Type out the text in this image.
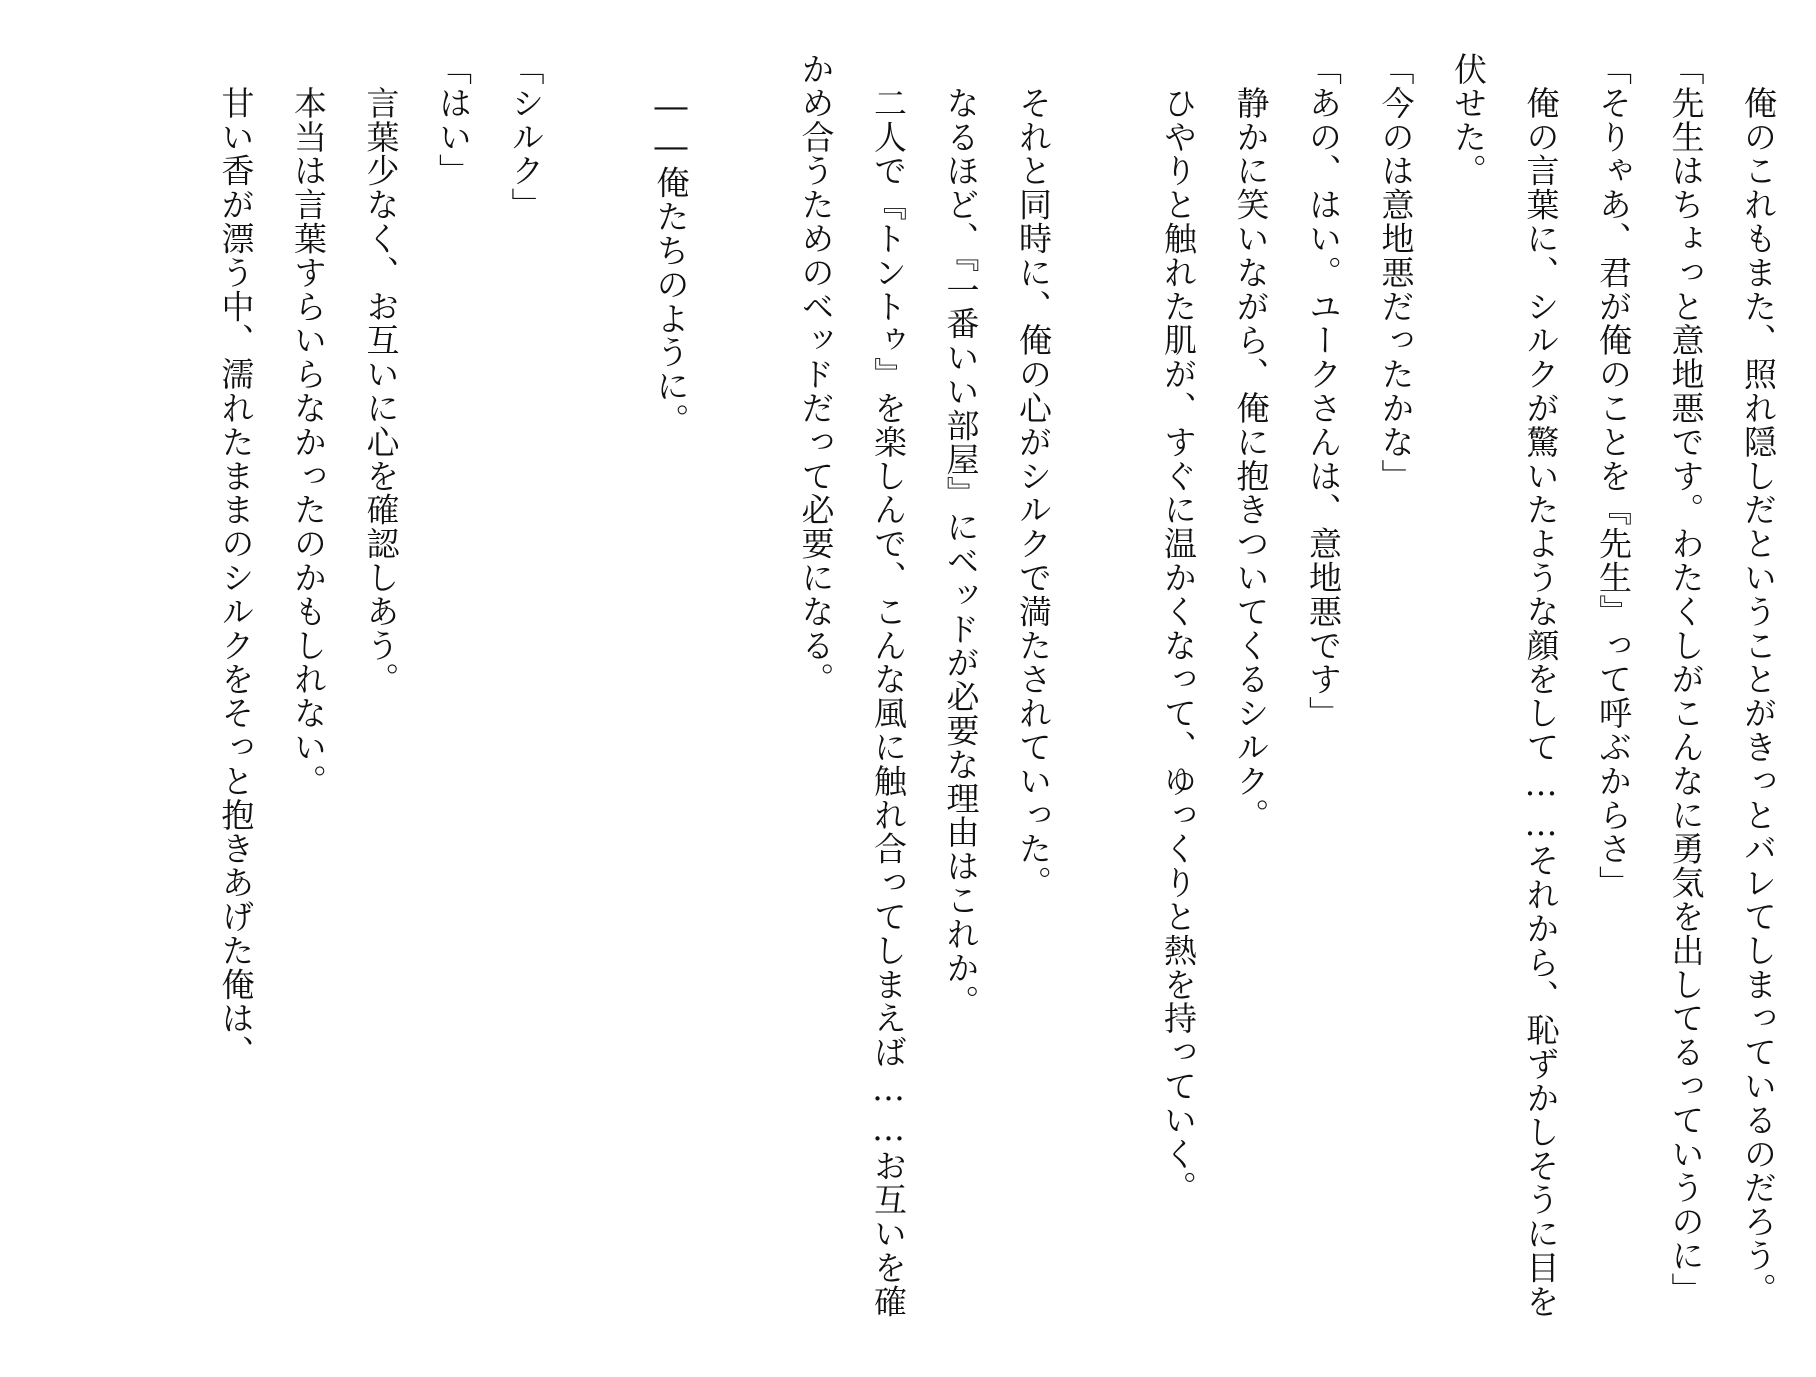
　俺のこれもまた、照れ隠しだということがきっとバレてしまっているのだろう。

「先生はちょっと意地悪です。わたくしがこんなに勇気を出してるっていうのに」

「そりゃあ、君が俺のことを『先生』って呼ぶからさ」

　俺の言葉に、シルクが驚いたような顔をして……それから、恥ずかしそうに目を伏せた。

「今のは意地悪だったかな」

「あの、はい。ユークさんは、意地悪です」

　静かに笑いながら、俺に抱きついてくるシルク。

　ひやりと触れた肌が、すぐに温かくなって、ゆっくりと熱を持っていく。

　それと同時に、俺の心がシルクで満たされていった。

　なるほど、『一番いい部屋』にベッドが必要な理由はこれか。

　二人で『トントゥ』を楽しんで、こんな風に触れ合ってしまえば……お互いを確かめ合うためのベッドだって必要になる。

　――俺たちのように。

「シルク」

「はい」

　言葉少なく、お互いに心を確認しあう。

　本当は言葉すらいらなかったのかもしれない。

　甘い香が漂う中、濡れたままのシルクをそっと抱きあげた俺は、
